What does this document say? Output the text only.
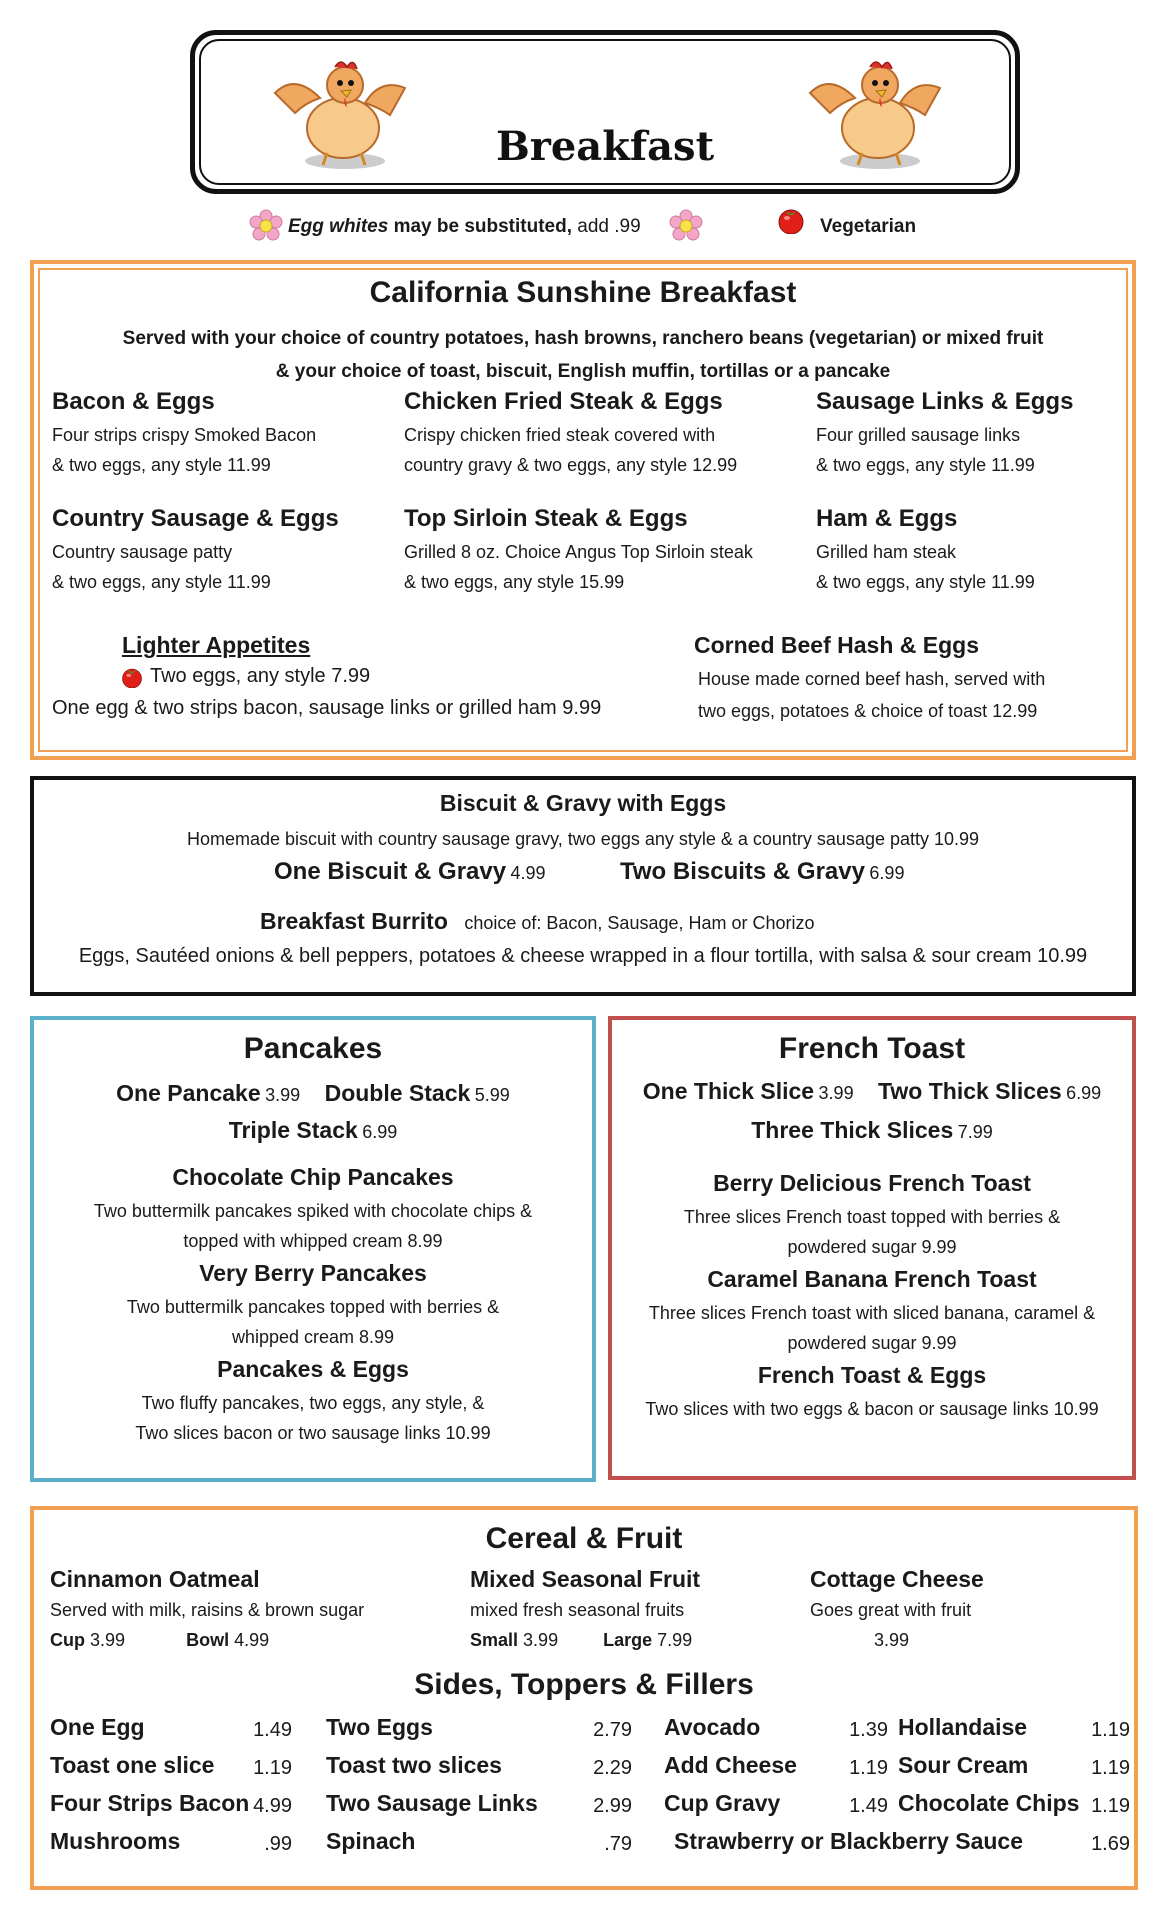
Breakfast
Egg whites may be substituted, add .99	Vegetarian
California Sunshine Breakfast
Served with your choice of country potatoes, hash browns, ranchero beans (vegetarian) or mixed fruit
& your choice of toast, biscuit, English muffin, tortillas or a pancake
Bacon & Eggs
Four strips crispy Smoked Bacon
& two eggs, any style 11.99
Chicken Fried Steak & Eggs
Crispy chicken fried steak covered with
country gravy & two eggs, any style 12.99
Sausage Links & Eggs
Four grilled sausage links
& two eggs, any style 11.99
Country Sausage & Eggs
Country sausage patty
& two eggs, any style 11.99
Top Sirloin Steak & Eggs
Grilled 8 oz. Choice Angus Top Sirloin steak
& two eggs, any style 15.99
Ham & Eggs
Grilled ham steak
& two eggs, any style 11.99
Lighter Appetites
Two eggs, any style 7.99
One egg & two strips bacon, sausage links or grilled ham 9.99
Corned Beef Hash & Eggs
House made corned beef hash, served with
two eggs, potatoes & choice of toast 12.99
Biscuit & Gravy with Eggs
Homemade biscuit with country sausage gravy, two eggs any style & a country sausage patty 10.99
One Biscuit & Gravy 4.99	Two Biscuits & Gravy 6.99
Breakfast Burrito choice of: Bacon, Sausage, Ham or Chorizo
Eggs, Sautéed onions & bell peppers, potatoes & cheese wrapped in a flour tortilla, with salsa & sour cream 10.99
Pancakes
One Pancake 3.99 Double Stack 5.99
Triple Stack 6.99
Chocolate Chip Pancakes
Two buttermilk pancakes spiked with chocolate chips &
topped with whipped cream 8.99
Very Berry Pancakes
Two buttermilk pancakes topped with berries &
whipped cream 8.99
Pancakes & Eggs
Two fluffy pancakes, two eggs, any style, &
Two slices bacon or two sausage links 10.99
French Toast
One Thick Slice 3.99 Two Thick Slices 6.99
Three Thick Slices 7.99
Berry Delicious French Toast
Three slices French toast topped with berries &
powdered sugar 9.99
Caramel Banana French Toast
Three slices French toast with sliced banana, caramel &
powdered sugar 9.99
French Toast & Eggs
Two slices with two eggs & bacon or sausage links 10.99
Cereal & Fruit
Cinnamon Oatmeal
Served with milk, raisins & brown sugar
Cup 3.99	Bowl 4.99
Mixed Seasonal Fruit
mixed fresh seasonal fruits
Small 3.99	Large 7.99
Cottage Cheese
Goes great with fruit
3.99
Sides, Toppers & Fillers
One Egg	1.49
Toast one slice 1.19
Four Strips Bacon 4.99
Mushrooms	.99
Two Eggs	2.79
Toast two slices	2.29
Two Sausage Links	2.99
Spinach	.79
Avocado	1.39
Add Cheese	1.19
Cup Gravy	1.49
Hollandaise	1.19
Sour Cream	1.19
Chocolate Chips 1.19
Strawberry or Blackberry Sauce	1.69
